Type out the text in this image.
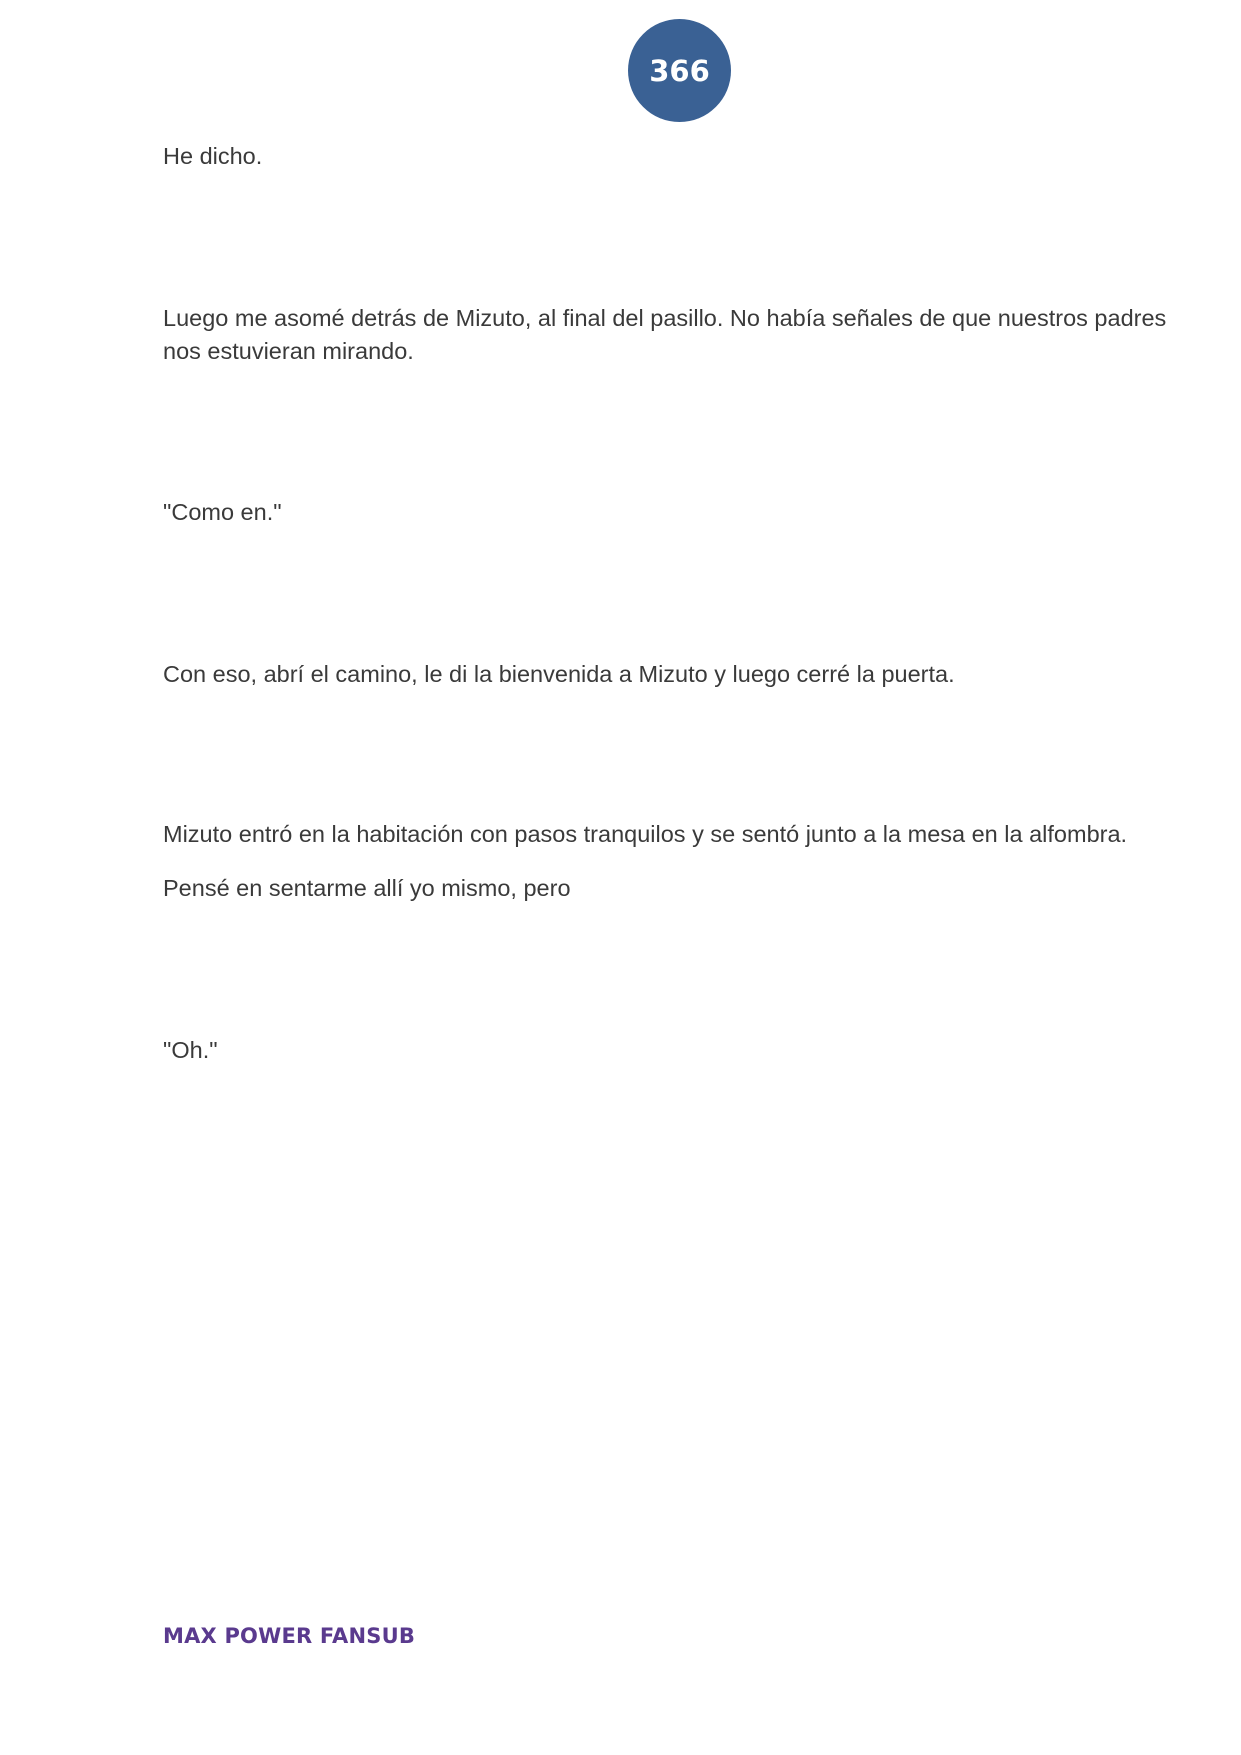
366

He dicho.

Luego me asomé detrás de Mizuto, al final del pasillo. No había señales de que nuestros padres nos estuvieran mirando.

"Como en."

Con eso, abrí el camino, le di la bienvenida a Mizuto y luego cerré la puerta.

Mizuto entró en la habitación con pasos tranquilos y se sentó junto a la mesa en la alfombra.

Pensé en sentarme allí yo mismo, pero

"Oh."

MAX POWER FANSUB
